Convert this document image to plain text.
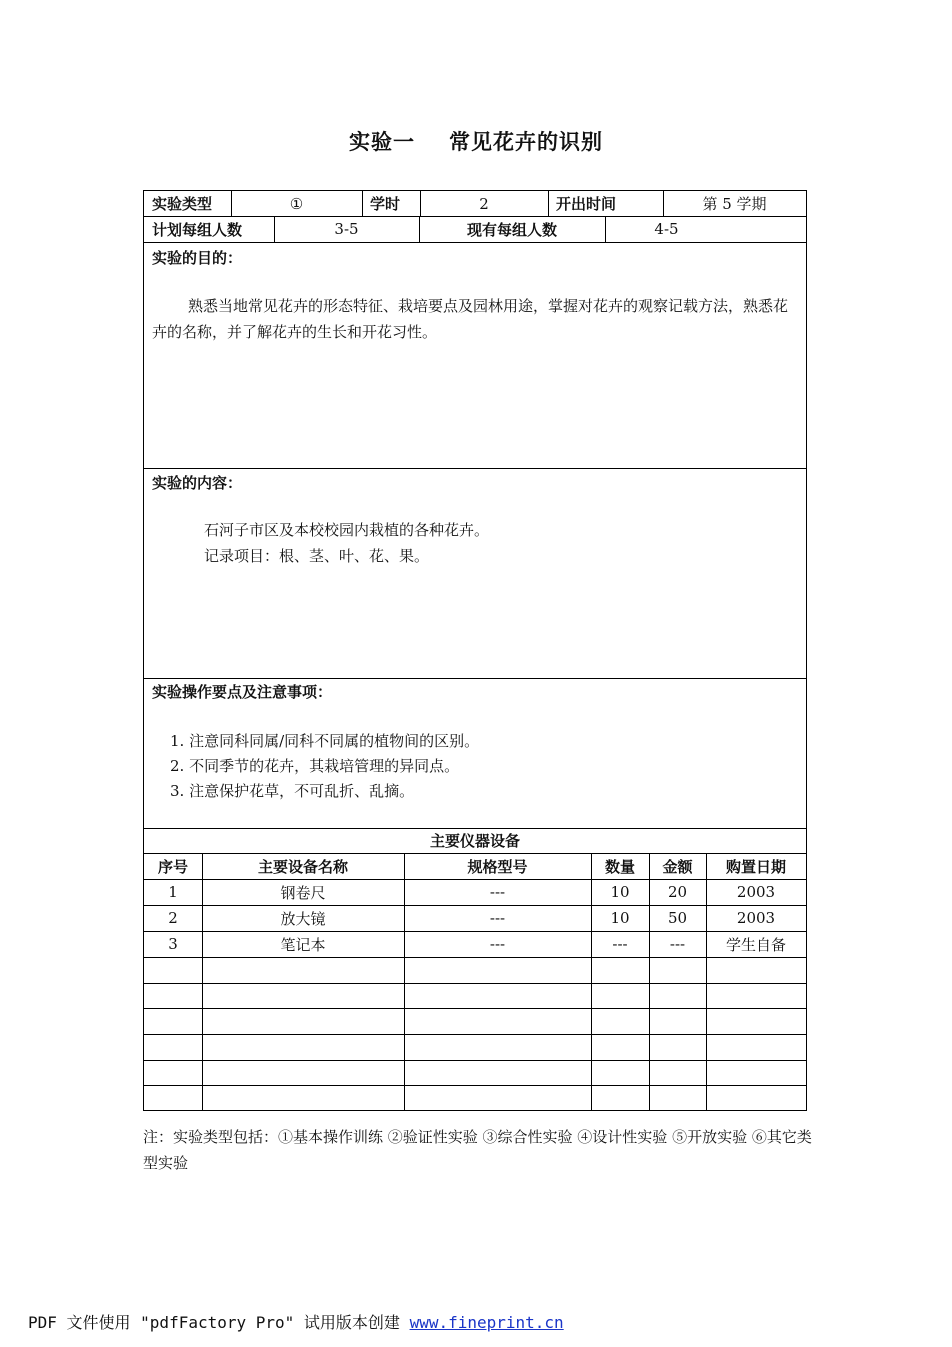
实验一 常见花卉的识别
实验类型	①	学时	2	开出时间	第 5 学期
计划每组人数	3-5	现有每组人数	4-5
实验的目的：
熟悉当地常见花卉的形态特征、栽培要点及园林用途，掌握对花卉的观察记载方法，熟悉花卉的名称，并了解花卉的生长和开花习性。
实验的内容：
石河子市区及本校校园内栽植的各种花卉。
记录项目：根、茎、叶、花、果。
实验操作要点及注意事项：
1. 注意同科同属/同科不同属的植物间的区别。
2. 不同季节的花卉，其栽培管理的异同点。
3. 注意保护花草，不可乱折、乱摘。
主要仪器设备
序号	主要设备名称	规格型号	数量	金额	购置日期
1	钢卷尺	---	10	20	2003
2	放大镜	---	10	50	2003
3	笔记本	---	---	---	学生自备
注：实验类型包括：①基本操作训练 ②验证性实验 ③综合性实验 ④设计性实验 ⑤开放实验 ⑥其它类型实验
PDF 文件使用 "pdfFactory Pro" 试用版本创建 www.fineprint.cn
